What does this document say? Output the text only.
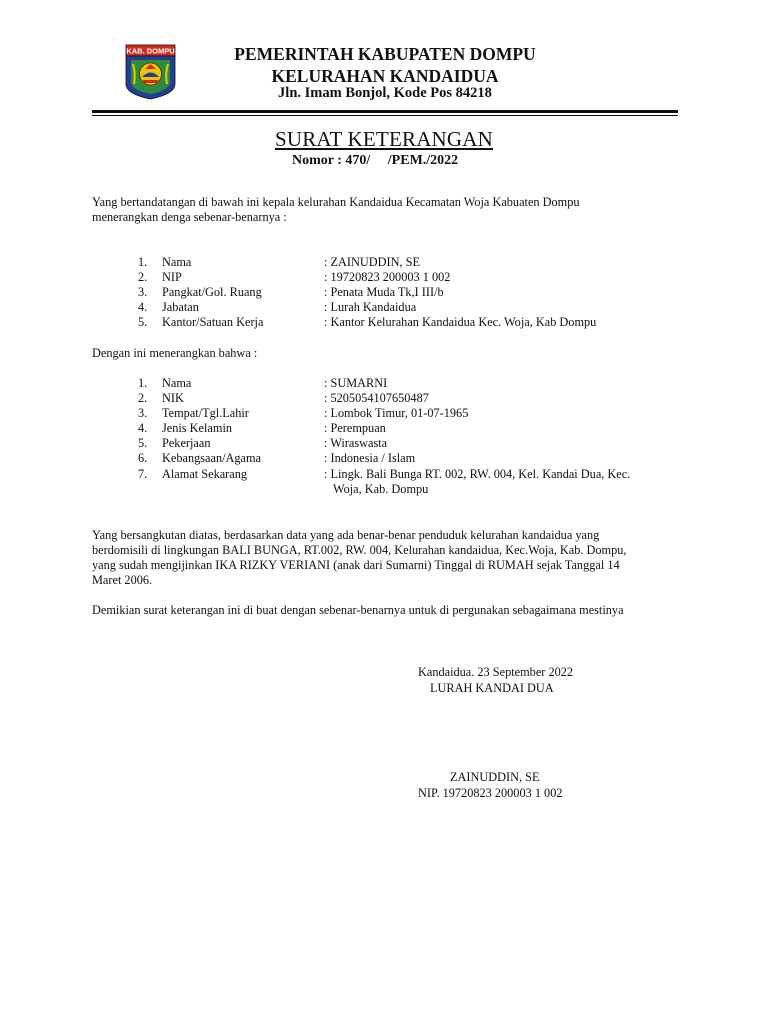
KAB. DOMPU	PEMERINTAH KABUPATEN DOMPU
KELURAHAN KANDAIDUA
Jln. Imam Bonjol, Kode Pos 84218
SURAT KETERANGAN
Nomor : 470/     /PEM./2022
Yang bertandatangan di bawah ini kepala kelurahan Kandaidua Kecamatan Woja Kabuaten Dompu
menerangkan denga sebenar-benarnya :
1. Nama	: ZAINUDDIN, SE
2. NIP	: 19720823 200003 1 002
3. Pangkat/Gol. Ruang	: Penata Muda Tk,I III/b
4. Jabatan	: Lurah Kandaidua
5. Kantor/Satuan Kerja	: Kantor Kelurahan Kandaidua Kec. Woja, Kab Dompu
Dengan ini menerangkan bahwa :
1. Nama	: SUMARNI
2. NIK	: 5205054107650487
3. Tempat/Tgl.Lahir	: Lombok Timur, 01-07-1965
4. Jenis Kelamin	: Perempuan
5. Pekerjaan	: Wiraswasta
6. Kebangsaan/Agama	: Indonesia / Islam
7. Alamat Sekarang	: Lingk. Bali Bunga RT. 002, RW. 004, Kel. Kandai Dua, Kec.
Woja, Kab. Dompu
Yang bersangkutan diatas, berdasarkan data yang ada benar-benar penduduk kelurahan kandaidua yang
berdomisili di lingkungan BALI BUNGA, RT.002, RW. 004, Kelurahan kandaidua, Kec.Woja, Kab. Dompu,
yang sudah mengijinkan IKA RIZKY VERIANI (anak dari Sumarni) Tinggal di RUMAH sejak Tanggal 14
Maret 2006.
Demikian surat keterangan ini di buat dengan sebenar-benarnya untuk di pergunakan sebagaimana mestinya
Kandaidua. 23 September 2022
LURAH KANDAI DUA
ZAINUDDIN, SE
NIP. 19720823 200003 1 002
